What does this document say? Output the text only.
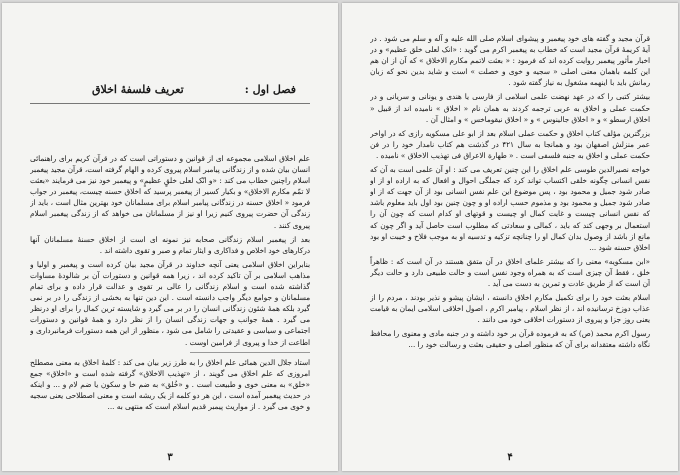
فصل اول :
تعریف فلسفهٔ اخلاق

علم اخلاق اسلامی مجموعه ای از قوانین و دستوراتی است که در قرآن کریم برای راهنمائی انسان بیان شده و از زندگانی پیامبر اسلام پیروی کرده و الهام گرفته است، قرآن مجید پیغمبر اسلام راچنین خطاب می کند : «و انّک لعلی خلقٍ عظیمٍ» و پیغمبر خود نیز می فرمایند «بعثت لا تمّم مکارم الاخلاق» و بکیار کسیر از پیغمبر پرسید که اخلاق حسنه چیست، پیغمبر در جواب فرمود « اخلاق حسنه در زندگانی پیامبر اسلام برای مسلمانان خود بهترین مثال است ، باید از زندگی آن حضرت پیروی کنیم زیرا او نیز از مسلمانان می خواهد که از زندگی پیغمبر اسلام پیروی کنند .

بعد از پیغمبر اسلام زندگانی صحابه نیز نمونه ای است از اخلاق حسنهٔ مسلمانان آنها درکارهای خود اخلاص و فداکاری و ایثار تمام و صبر و تقوی داشته اند .

بنابراین اخلاق اسلامی یعنی آنچه خداوند در قرآن مجید بیان کرده است و پیغمبر و اولیا و مذاهب اسلامی بر آن تاکید کرده اند ، زیرا همه قوانین و دستورات آن بر شالودهٔ مساوات گذاشته شده است و اسلام زندگانی را عالی بر تقوی و عدالت قرار داده و برای تمام مسلمانان و جوامع دیگر واجب دانسته است . این دین تنها به بخشی از زندگی را در بر نمی گیرد بلکه همهٔ شئون زندگانی انسان را در بر می گیرد و شایسته ترین کمال را برای او درنظر می گیرد . همهٔ جوانب و جهات زندگی انسان را از نظر دارد و همهٔ قوانین و دستورات اجتماعی و سیاسی و عقیدتی را شامل می شود ، منظور از این همه دستورات فرمانبرداری و اطاعت از خدا و پیروی از فرامین اوست .

استاد جلال الدین همائی علم اخلاق را به طرز زیر بیان می کند : کلمهٔ اخلاق به معنی مصطلح امروزی که علم اخلاق می گویند ، از «تهذیب الاخلاق» گرفته شده است و «اخلاق» جمع «خلق» به معنی خوی و طبیعت است . و «خُلق» به ضم خا و سکون یا ضم لام و ... و اینکه در حدیث پیغمبر آمده است ، این هر دو کلمه از یک ریشه است و معنی اصطلاحی یعنی سجیه و خوی می گیرد . از مواریث پیمبر قدیم اسلام است که منتهی به ...

۳

قرآن مجید و گفته های خود پیغمبر و پیشوای اسلام صلی الله علیه و آله و سلم می شود . در آیهٔ کریمهٔ قرآن مجید است که خطاب به پیغمبر اکرم می گوید : «انک لعلی خلق عظیم» و در اخبار مأثور پیغمبر روایت کرده اند که فرمود : « بعثت لاتمم مکارم الاخلاق » که آن از ان هم این کلمه باهمان معنی اصلی « سجیه و خوی و خصلت » است و شاید بدین نحو که زبان رمانش باید با اینهمه مشغول به نیاز گفته شود .

بیشتر کتبی را که در عهد نهضت علمی اسلامی از فارسی یا هندی و یونانی و سریانی و در حکمت عملی و اخلاق به عربی ترجمه کردند به همان نام « اخلاق » نامیده اند از قبیل « اخلاق ارسطو » و « اخلاق جالینوس » و « اخلاق نیقوماخس » و امثال آن .

بزرگترین مؤلف کتاب اخلاق و حکمت عملی اسلام بعد از ابو علی مسکویه رازی که در اواخر عمر منزلش اصفهان بود و همانجا به سال ۴۲۱ در گذشت هم کتاب نامدار خود را در فن حکمت عملی و اخلاق به جنبه فلسفی است . « طهارة الاعراق فی تهذیب الاخلاق » نامیده .

خواجه نصیرالدین طوسی علم اخلاق را این چنین تعریف می کند : او آن علمی است به آن که نفس انسانی چگونه خلقی اکتساب تواند کرد که جملگی احوال و افعال که به اراده او از او صادر شود جمیل و محمود بود ، پس موضوع این علم نفس انسانی بود از آن جهت که از او صادر شود جمیل و محمود بود و مذموم حسب اراده او و چون چنین بود اول باید معلوم باشد که نفس انسانی چیست و غایت کمال او چیست و قوتهای او کدام است که چون آن را استعمال بر وجهی کند که باید ، کمالی و سعادتی که مطلوب است حاصل آید و اگر چون که مانع از باشد از وصول بدان کمال او را چنانچه تزکیه و تدسیه او به موجب فلاح و خیبت او بود اخلاق حسنه شود ...

«ابن مسکویه» معنی را که بیشتر علمای اخلاق در آن متفق هستند در آن است که : ظاهراً خلق ، فقط آن چیزی است که به همراه وجود نفس است و حالت طبیعی دارد و حالت دیگر آن است که از طریق عادت و تمرین به دست می آید .

اسلام بعثت خود را برای تکمیل مکارم اخلاق دانسته ، ایشان پیشو و نذیر بودند ، مردم را از عذاب دوزخ ترسانیده اند ، از نظر اسلام ، پیامبر اکرم ، اصول اخلاقی اسلامی ایمان به قیامت یعنی روز جزا و پیروی از دستورات اخلاقی خود می دانند .

رسول اکرم محمد (ص) که به فرموده قرآن بر خود داشته و در جنبه مادی و معنوی را محافظ نگاه داشته معتقدانه برای آن که منظور اصلی و حقیقی بعثت و رسالت خود را ...

۴
